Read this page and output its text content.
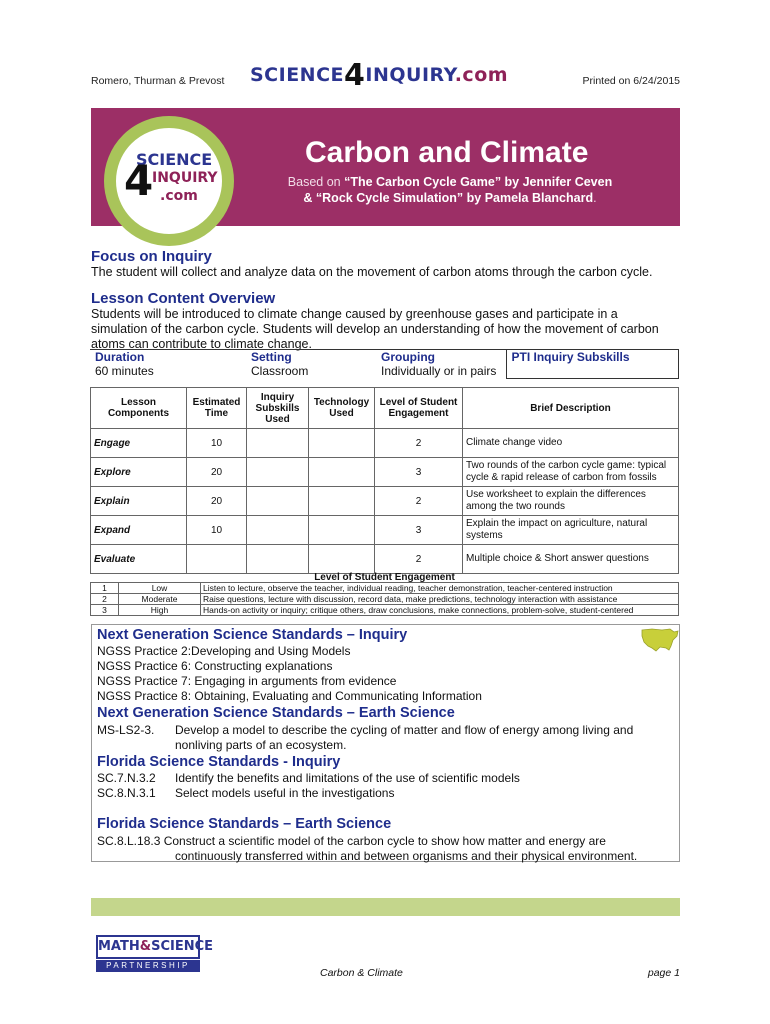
Romero, Thurman & Prevost SCIENCE4INQUIRY.com	Printed on 6/24/2015
SCIENCE
4
INQUIRY
.com
Carbon and Climate
Based on “The Carbon Cycle Game” by Jennifer Ceven
& “Rock Cycle Simulation” by Pamela Blanchard.
Focus on Inquiry
The student will collect and analyze data on the movement of carbon atoms through the carbon cycle.
Lesson Content Overview
Students will be introduced to climate change caused by greenhouse gases and participate in a
simulation of the carbon cycle. Students will develop an understanding of how the movement of carbon
atoms can contribute to climate change.
Duration	Setting	Grouping	PTI Inquiry Subskills
60 minutes	Classroom	Individually or in pairs	
Lesson Components	Estimated Time	Inquiry Subskills Used	Technology Used	Level of Student Engagement	Brief Description
Engage	10			2	Climate change video
Explore	20			3	Two rounds of the carbon cycle game: typical cycle & rapid release of carbon from fossils
Explain	20			2	Use worksheet to explain the differences among the two rounds
Expand	10			3	Explain the impact on agriculture, natural systems
Evaluate				2	Multiple choice & Short answer questions
Level of Student Engagement
1	Low	Listen to lecture, observe the teacher, individual reading, teacher demonstration, teacher-centered instruction
2	Moderate	Raise questions, lecture with discussion, record data, make predictions, technology interaction with assistance
3	High	Hands-on activity or inquiry; critique others, draw conclusions, make connections, problem-solve, student-centered
Next Generation Science Standards – Inquiry
NGSS Practice 2:Developing and Using Models
NGSS Practice 6: Constructing explanations
NGSS Practice 7: Engaging in arguments from evidence
NGSS Practice 8: Obtaining, Evaluating and Communicating Information
Next Generation Science Standards – Earth Science
MS-LS2-3. Develop a model to describe the cycling of matter and flow of energy among living and
nonliving parts of an ecosystem.
Florida Science Standards - Inquiry
SC.7.N.3.2 Identify the benefits and limitations of the use of scientific models
SC.8.N.3.1 Select models useful in the investigations
Florida Science Standards – Earth Science
SC.8.L.18.3 Construct a scientific model of the carbon cycle to show how matter and energy are
continuously transferred within and between organisms and their physical environment.
MATH&SCIENCE
PARTNERSHIP
Carbon & Climate	page 1
